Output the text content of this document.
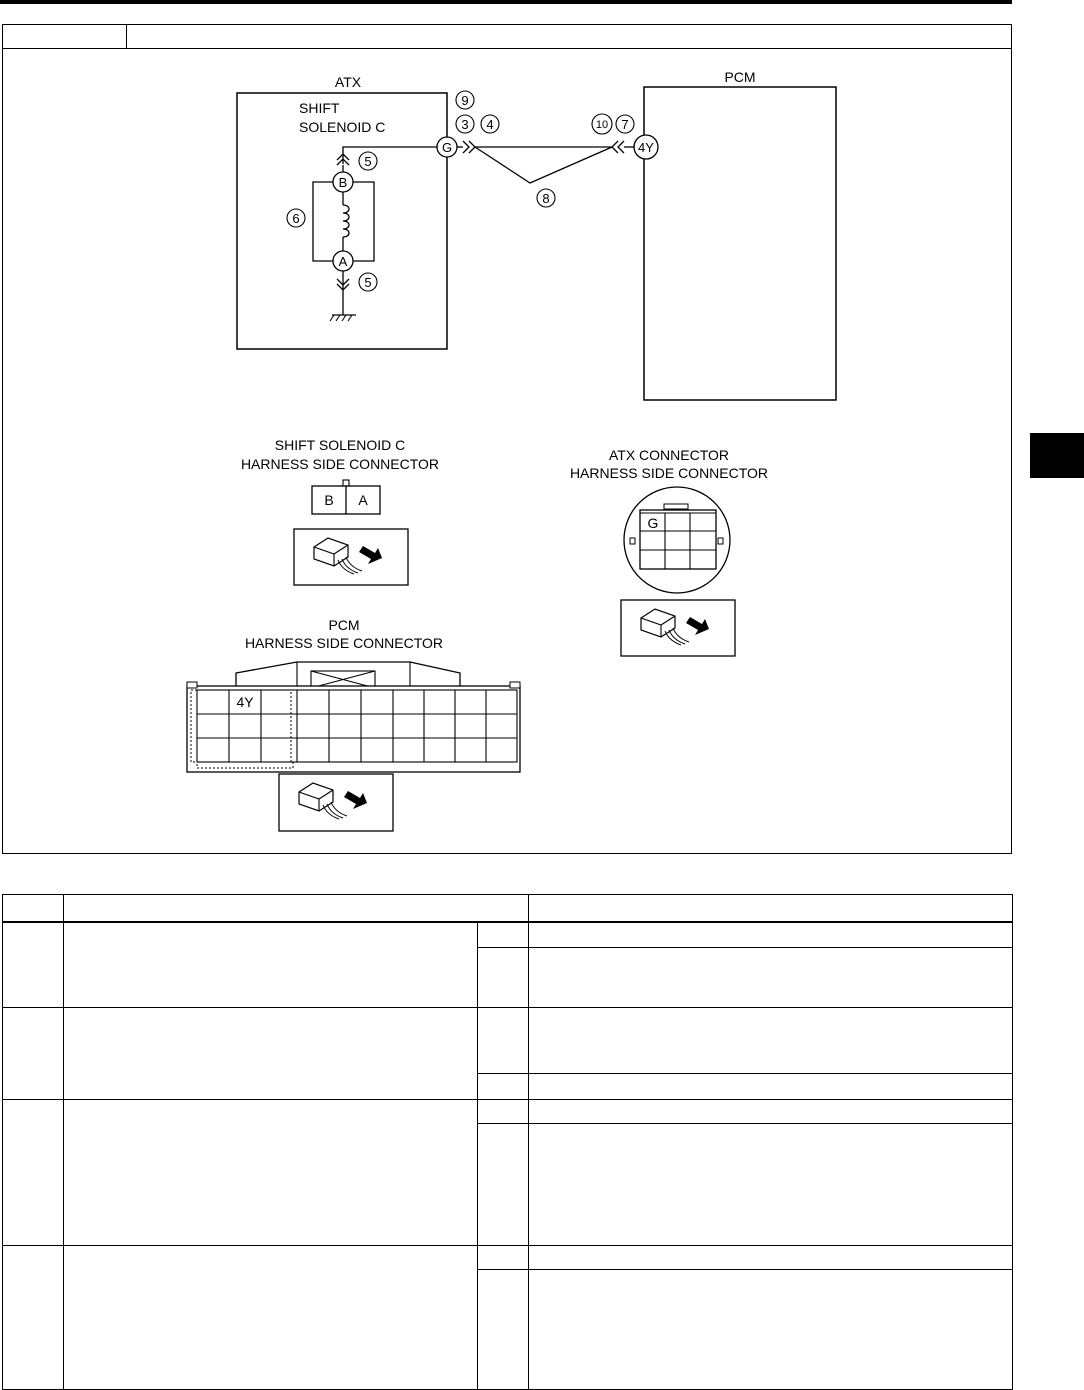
ATX
SHIFT
SOLENOID C
PCM
B
A
G	4Y
9
3 4
5
6
5
8
10 7
SHIFT SOLENOID C
HARNESS SIDE CONNECTOR
B A
ATX CONNECTOR
HARNESS SIDE CONNECTOR
G
PCM
HARNESS SIDE CONNECTOR
4Y
